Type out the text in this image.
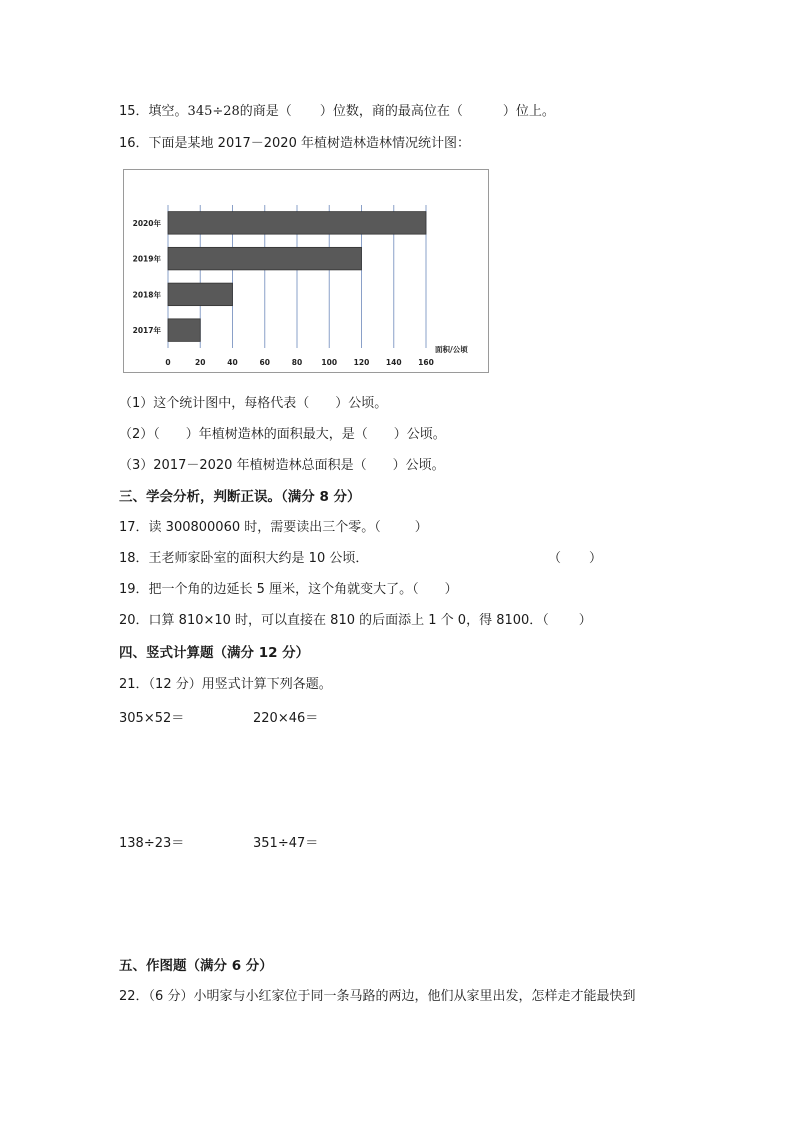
15．填空。345÷28的商是（ ）位数，商的最高位在（	）位上。
16．下面是某地 2017－2020 年植树造林造林情况统计图：
2020年
2019年
2018年
2017年
0	20	40	60	80	100 120 140 160
面积/公顷
（1）这个统计图中，每格代表（ ）公顷。
（2）（ ）年植树造林的面积最大，是（ ）公顷。
（3）2017－2020 年植树造林总面积是（ ）公顷。
三、学会分析，判断正误。（满分 8 分）
17．读 300800060 时，需要读出三个零。（	）
18．王老师家卧室的面积大约是 10 公顷．	（ ）
19．把一个角的边延长 5 厘米，这个角就变大了。（ ）
20．口算 810×10 时，可以直接在 810 的后面添上 1 个 0，得 8100．（ ）
四、竖式计算题（满分 12 分）
21．（12 分）用竖式计算下列各题。
305×52＝	220×46＝
138÷23＝	351÷47＝
五、作图题（满分 6 分）
22．（6 分）小明家与小红家位于同一条马路的两边，他们从家里出发，怎样走才能最快到
